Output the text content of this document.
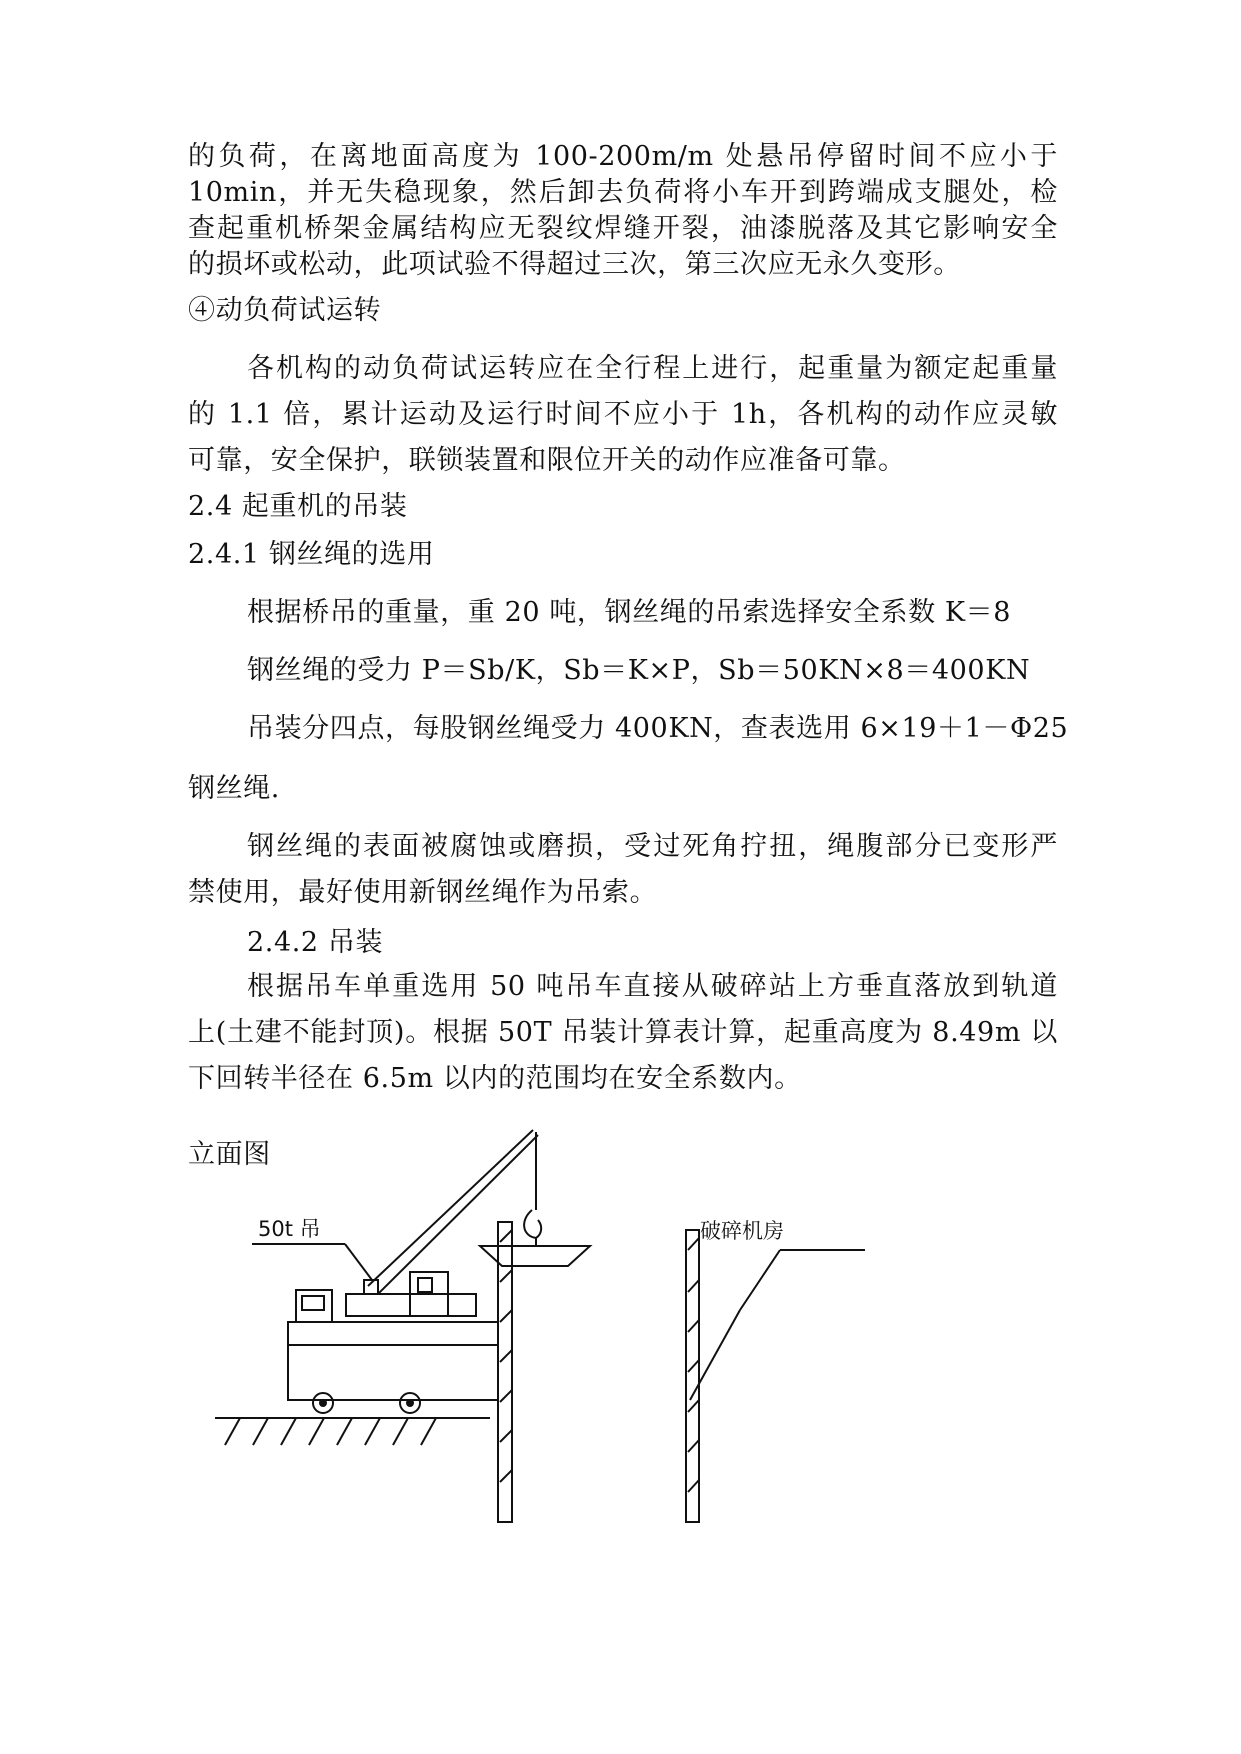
的负荷，在离地面高度为 100-200m/m 处悬吊停留时间不应小于
10min，并无失稳现象，然后卸去负荷将小车开到跨端成支腿处，检
查起重机桥架金属结构应无裂纹焊缝开裂，油漆脱落及其它影响安全
的损坏或松动，此项试验不得超过三次，第三次应无永久变形。
④动负荷试运转
各机构的动负荷试运转应在全行程上进行，起重量为额定起重量
的 1.1 倍，累计运动及运行时间不应小于 1h，各机构的动作应灵敏
可靠，安全保护，联锁装置和限位开关的动作应准备可靠。
2.4 起重机的吊装
2.4.1 钢丝绳的选用
根据桥吊的重量，重 20 吨，钢丝绳的吊索选择安全系数 K＝8
钢丝绳的受力 P＝Sb/K，Sb＝K×P，Sb＝50KN×8＝400KN
吊装分四点，每股钢丝绳受力 400KN，查表选用 6×19＋1－Φ25
钢丝绳.
钢丝绳的表面被腐蚀或磨损，受过死角拧扭，绳腹部分已变形严
禁使用，最好使用新钢丝绳作为吊索。
2.4.2 吊装
根据吊车单重选用 50 吨吊车直接从破碎站上方垂直落放到轨道
上(土建不能封顶)。根据 50T 吊装计算表计算，起重高度为 8.49m 以
下回转半径在 6.5m 以内的范围均在安全系数内。
立面图
50t 吊	破碎机房
